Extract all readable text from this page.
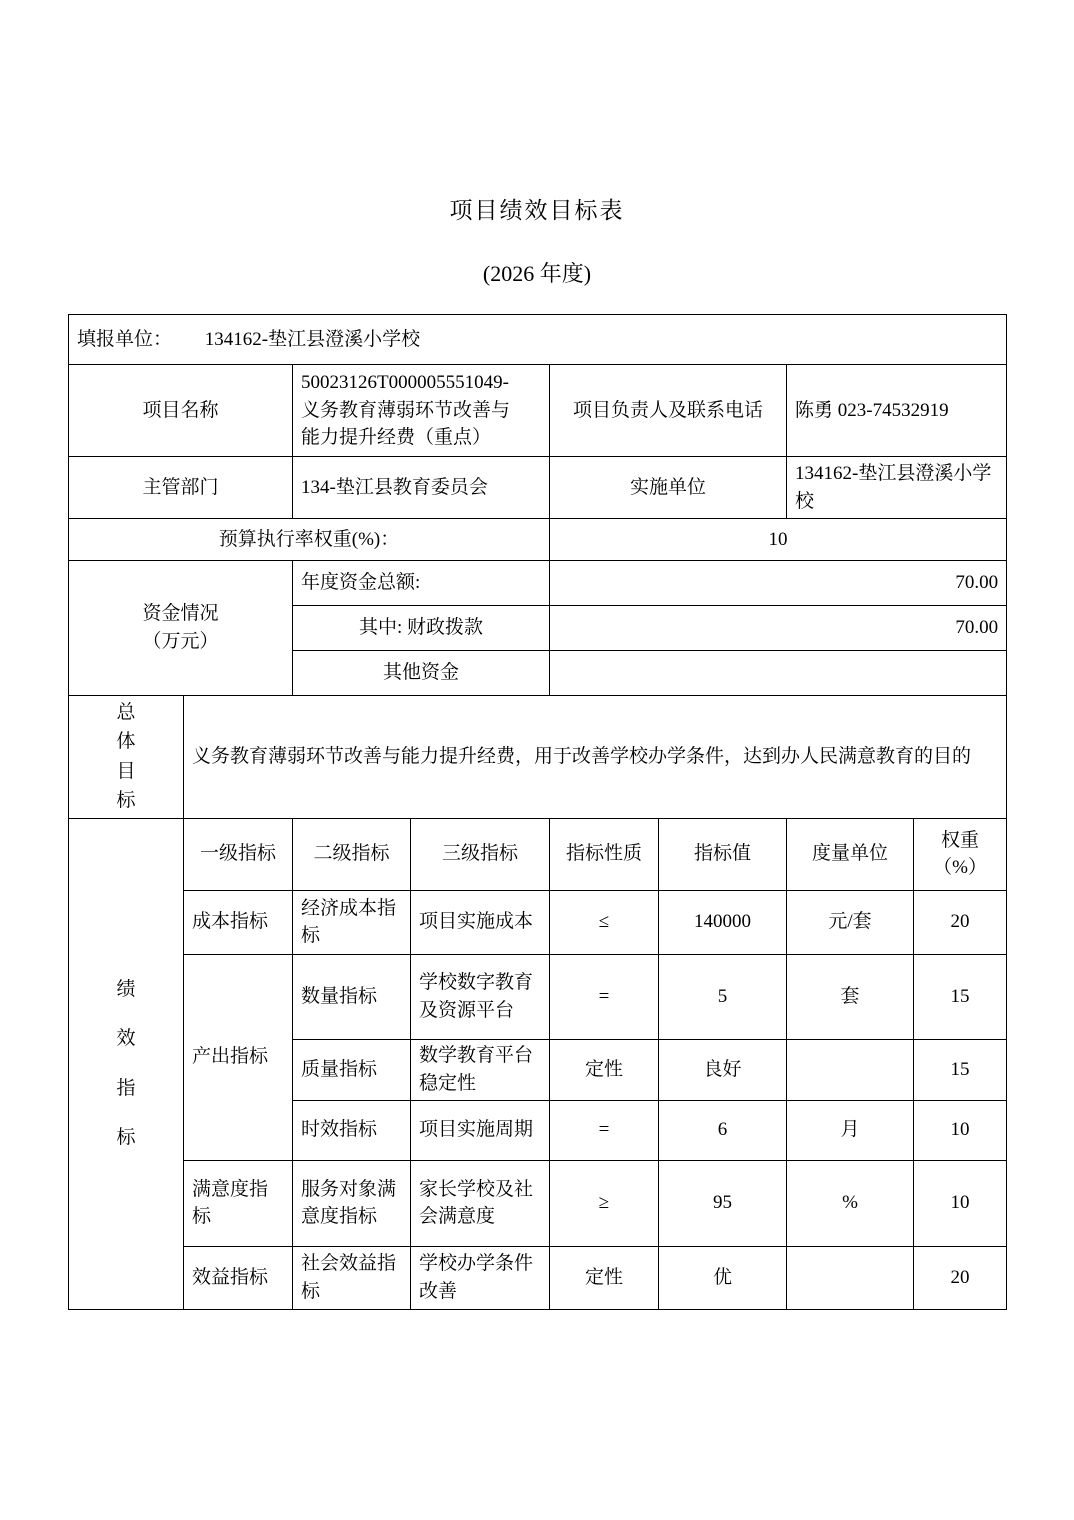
项目绩效目标表
(2026 年度)
填报单位： 134162-垫江县澄溪小学校							
项目名称		50023126T000005551049-义务教育薄弱环节改善与能力提升经费（重点）		项目负责人及联系电话		陈勇 023-74532919	
主管部门		134-垫江县教育委员会		实施单位		134162-垫江县澄溪小学校	
预算执行率权重(%)：				10			

资金情况
（万元）		年度资金总额:		70.00			
		其中: 财政拨款		70.00			
		其他资金					

总体目标	义务教育薄弱环节改善与能力提升经费，用于改善学校办学条件，达到办人民满意教育的目的						

绩效指标	一级指标	二级指标	三级指标	指标性质	指标值	度量单位	权重（%）
	成本指标	经济成本指标	项目实施成本	≤	140000	元/套	20
	产出指标	数量指标	学校数字教育及资源平台	=	5	套	15
		质量指标	数学教育平台稳定性	定性	良好		15
		时效指标	项目实施周期	=	6	月	10
	满意度指标	服务对象满意度指标	家长学校及社会满意度	≥	95	%	10
	效益指标	社会效益指标	学校办学条件改善	定性	优		20
